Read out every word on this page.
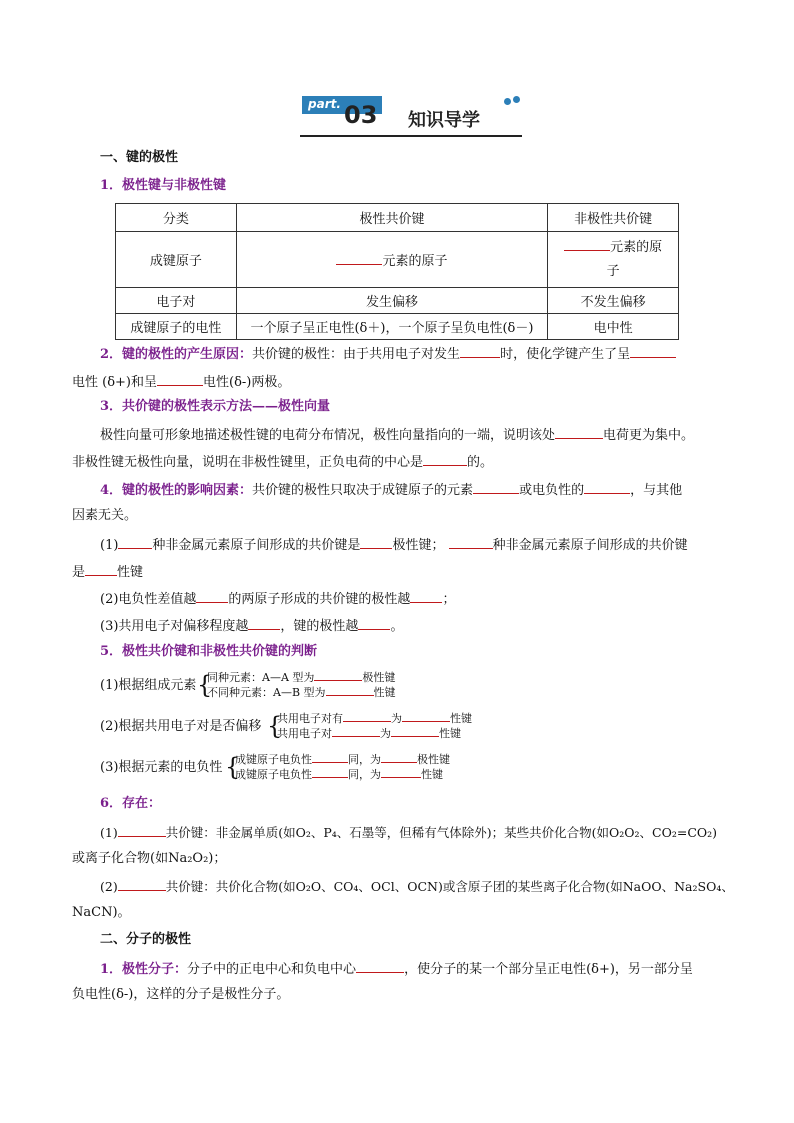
part. 03 知识导学
一、键的极性
1．极性键与非极性键
分类	极性共价键	非极性共价键
成键原子	元素的原子	元素的原
子
电子对	发生偏移	不发生偏移
成键原子的电性	一个原子呈正电性(δ＋)，一个原子呈负电性(δ－)	电中性
2．键的极性的产生原因：共价键的极性：由于共用电子对发生	时，使化学键产生了呈
电性 (δ+)和呈	电性(δ-)两极。
3．共价键的极性表示方法——极性向量
极性向量可形象地描述极性键的电荷分布情况，极性向量指向的一端，说明该处	电荷更为集中。
非极性键无极性向量，说明在非极性键里，正负电荷的中心是	的。
4．键的极性的影响因素：共价键的极性只取决于成键原子的元素	或电负性的	，与其他
因素无关。
(1)	种非金属元素原子间形成的共价键是 极性键；	种非金属元素原子间形成的共价键
是 性键
(2)电负性差值越 的两原子形成的共价键的极性越 ；
(3)共用电子对偏移程度越 ，键的极性越 。
5．极性共价键和非极性共价键的判断
(1)根据组成元素 {
同种元素：A—A 型为	极性键
不同种元素：A—B 型为	性键
(2)根据共用电子对是否偏移 {
共用电子对有	为	性键
共用电子对	为	性键
(3)根据元素的电负性 {
成键原子电负性	同，为	极性键
成键原子电负性	同，为	性键
6．存在：
(1)	共价键：非金属单质(如O₂、P₄、石墨等，但稀有气体除外)；某些共价化合物(如O₂O₂、CO₂=CO₂)
或离子化合物(如Na₂O₂)；
(2)	共价键：共价化合物(如O₂O、CO₄、OCl、OCN)或含原子团的某些离子化合物(如NaOO、Na₂SO₄、
NaCN)。
二、分子的极性
1．极性分子：分子中的正电中心和负电中心	，使分子的某一个部分呈正电性(δ+)，另一部分呈
负电性(δ-)，这样的分子是极性分子。
